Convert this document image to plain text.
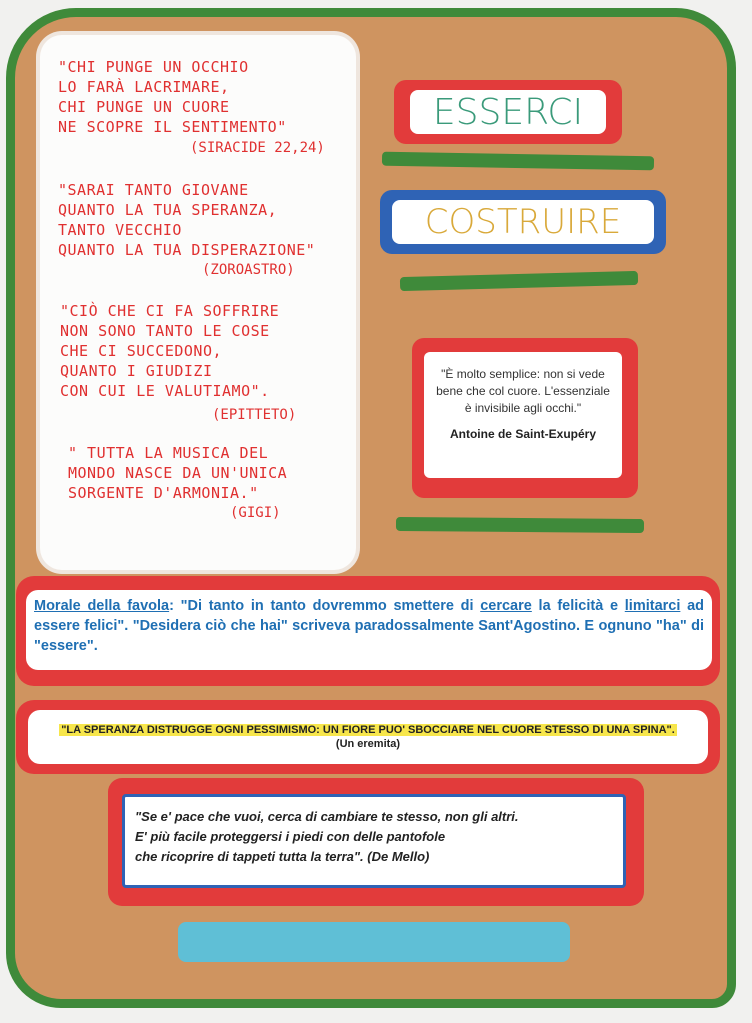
"CHI PUNGE UN OCCHIO
LO FARÀ LACRIMARE,
CHI PUNGE UN CUORE
NE SCOPRE IL SENTIMENTO"
(SIRACIDE 22,24)
"SARAI TANTO GIOVANE
QUANTO LA TUA SPERANZA,
TANTO VECCHIO
QUANTO LA TUA DISPERAZIONE"
(ZOROASTRO)
"CIÒ CHE CI FA SOFFRIRE
NON SONO TANTO LE COSE
CHE CI SUCCEDONO,
QUANTO I GIUDIZI
CON CUI LE VALUTIAMO".
(EPITTETO)
" TUTTA LA MUSICA DEL
MONDO NASCE DA UN'UNICA
SORGENTE D'ARMONIA."
(GIGI)
ESSERCI
COSTRUIRE
"È molto semplice: non si vede bene che col cuore. L'essenziale è invisibile agli occhi."
Antoine de Saint-Exupéry
Morale della favola: "Di tanto in tanto dovremmo smettere di cercare la felicità e limitarci ad essere felici". "Desidera ciò che hai" scriveva paradossalmente Sant'Agostino. E ognuno "ha" di "essere".
"LA SPERANZA DISTRUGGE OGNI PESSIMISMO: UN FIORE PUO' SBOCCIARE NEL CUORE STESSO DI UNA SPINA".
(Un eremita)
"Se e' pace che vuoi, cerca di cambiare te stesso, non gli altri.
E' più facile proteggersi i piedi con delle pantofole
che ricoprire di tappeti tutta la terra". (De Mello)
